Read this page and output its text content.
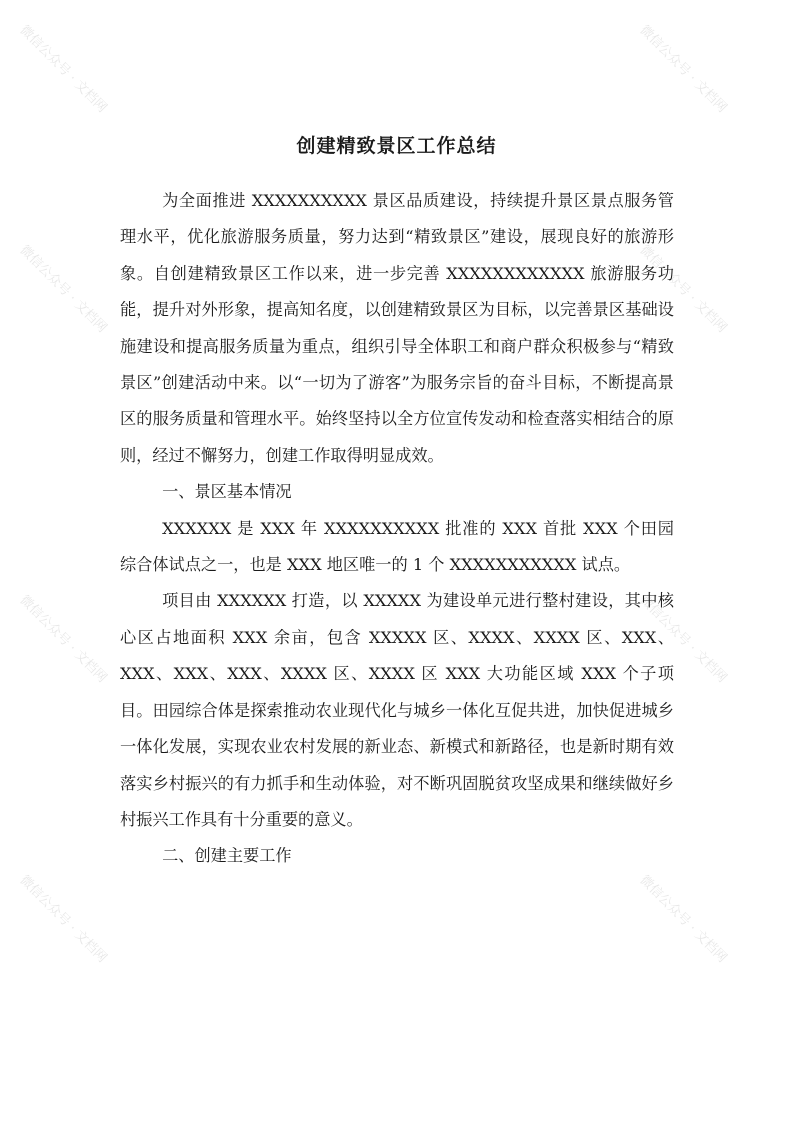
微信公众号 · 文档网	微信公众号 · 文档网
微信公众号 · 文档网	微信公众号 · 文档网
微信公众号 · 文档网	微信公众号 · 文档网
微信公众号 · 文档网	微信公众号 · 文档网
创建精致景区工作总结

为全面推进 XXXXXXXXXX 景区品质建设，持续提升景区景点服务管理水平，优化旅游服务质量，努力达到“精致景区”建设，展现良好的旅游形象。自创建精致景区工作以来，进一步完善 XXXXXXXXXXXX 旅游服务功能，提升对外形象，提高知名度，以创建精致景区为目标，以完善景区基础设施建设和提高服务质量为重点，组织引导全体职工和商户群众积极参与“精致景区”创建活动中来。以“一切为了游客”为服务宗旨的奋斗目标，不断提高景区的服务质量和管理水平。始终坚持以全方位宣传发动和检查落实相结合的原则，经过不懈努力，创建工作取得明显成效。

一、景区基本情况

XXXXXX 是 XXX 年 XXXXXXXXXX 批准的 XXX 首批 XXX 个田园综合体试点之一，也是 XXX 地区唯一的 1 个 XXXXXXXXXXX 试点。

项目由 XXXXXX 打造，以 XXXXX 为建设单元进行整村建设，其中核心区占地面积 XXX 余亩，包含 XXXXX 区、XXXX、XXXX 区、XXX、XXX、XXX、XXX、XXXX 区、XXXX 区 XXX 大功能区域 XXX 个子项目。田园综合体是探索推动农业现代化与城乡一体化互促共进，加快促进城乡一体化发展，实现农业农村发展的新业态、新模式和新路径，也是新时期有效落实乡村振兴的有力抓手和生动体验，对不断巩固脱贫攻坚成果和继续做好乡村振兴工作具有十分重要的意义。

二、创建主要工作
